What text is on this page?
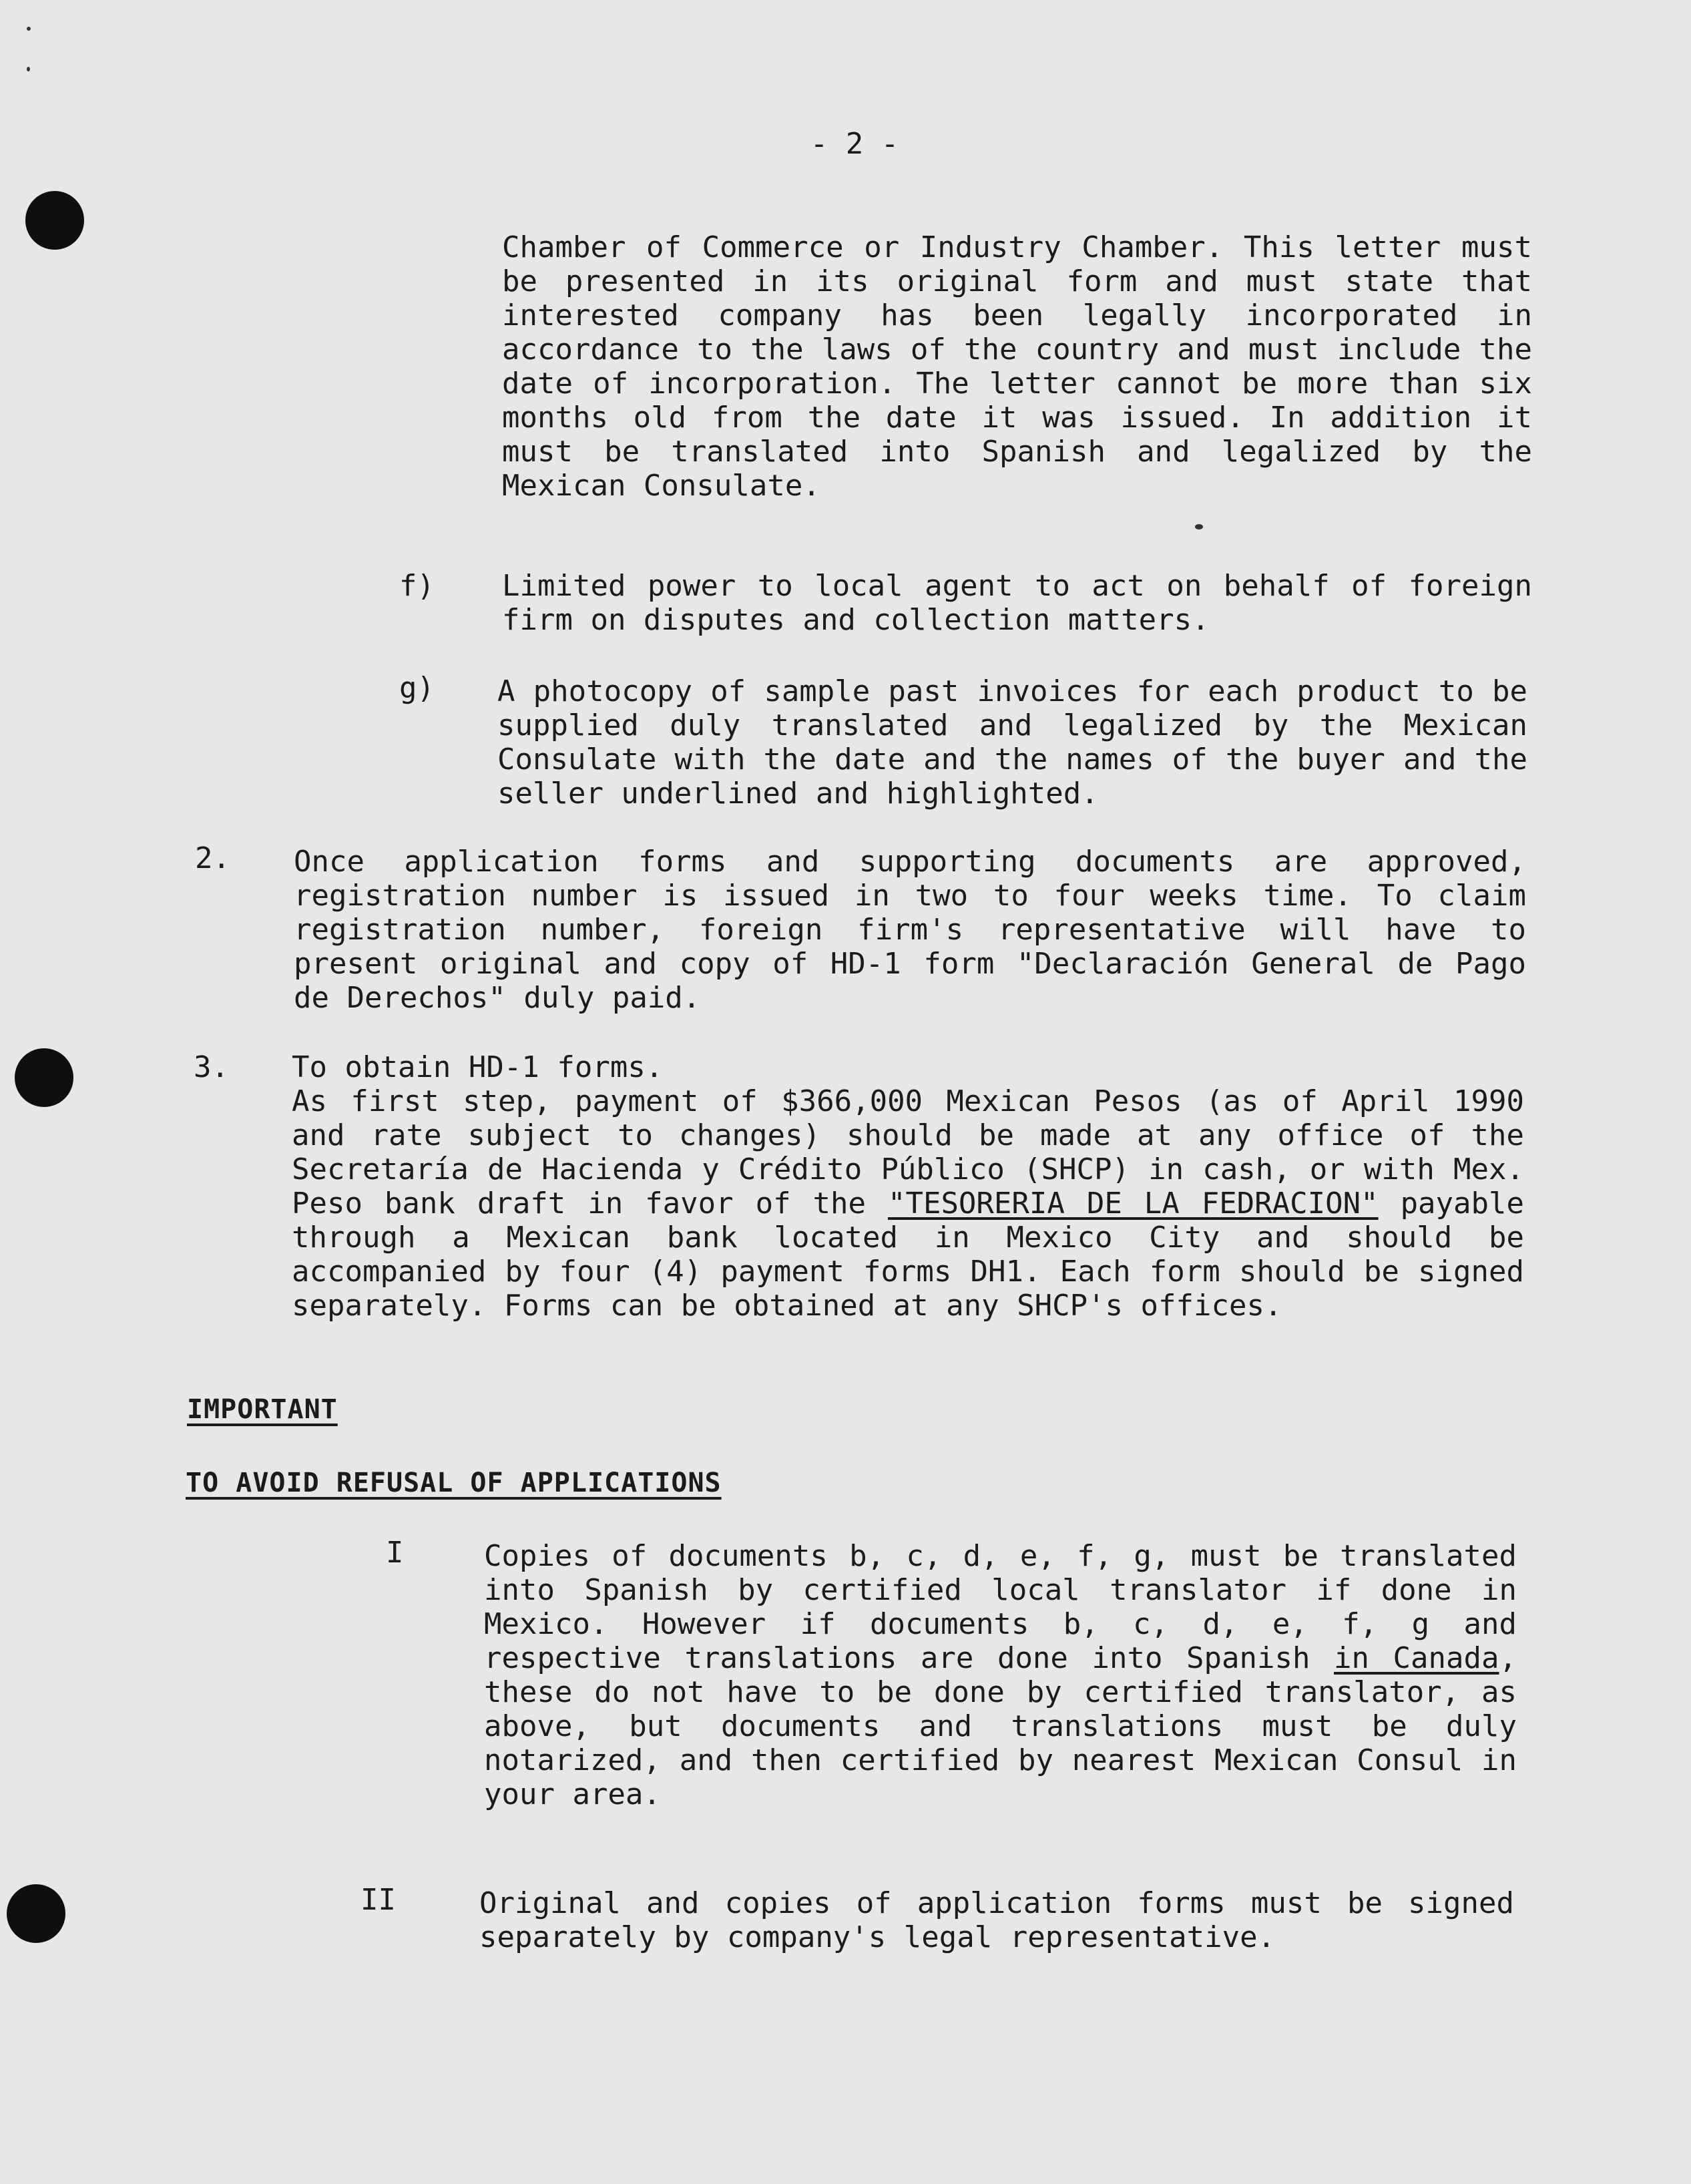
- 2 -

Chamber of Commerce or Industry Chamber. This letter must be presented in its original form and must state that interested company has been legally incorporated in accordance to the laws of the country and must include the date of incorporation. The letter cannot be more than six months old from the date it was issued. In addition it must be translated into Spanish and legalized by the Mexican Consulate.

f) Limited power to local agent to act on behalf of foreign firm on disputes and collection matters.

g) A photocopy of sample past invoices for each product to be supplied duly translated and legalized by the Mexican Consulate with the date and the names of the buyer and the seller underlined and highlighted.

2. Once application forms and supporting documents are approved, registration number is issued in two to four weeks time. To claim registration number, foreign firm's representative will have to present original and copy of HD-1 form "Declaración General de Pago de Derechos" duly paid.

3. To obtain HD-1 forms.

As first step, payment of $366,000 Mexican Pesos (as of April 1990 and rate subject to changes) should be made at any office of the Secretaría de Hacienda y Crédito Público (SHCP) in cash, or with Mex. Peso bank draft in favor of the "TESORERIA DE LA FEDRACION" payable through a Mexican bank located in Mexico City and should be accompanied by four (4) payment forms DH1. Each form should be signed separately. Forms can be obtained at any SHCP's offices.

IMPORTANT
TO AVOID REFUSAL OF APPLICATIONS
I	Copies of documents b, c, d, e, f, g, must be translated into Spanish by certified local translator if done in Mexico. However if documents b, c, d, e, f, g and respective translations are done into Spanish in Canada, these do not have to be done by certified translator, as above, but documents and translations must be duly notarized, and then certified by nearest Mexican Consul in your area.

II	Original and copies of application forms must be signed separately by company's legal representative.
